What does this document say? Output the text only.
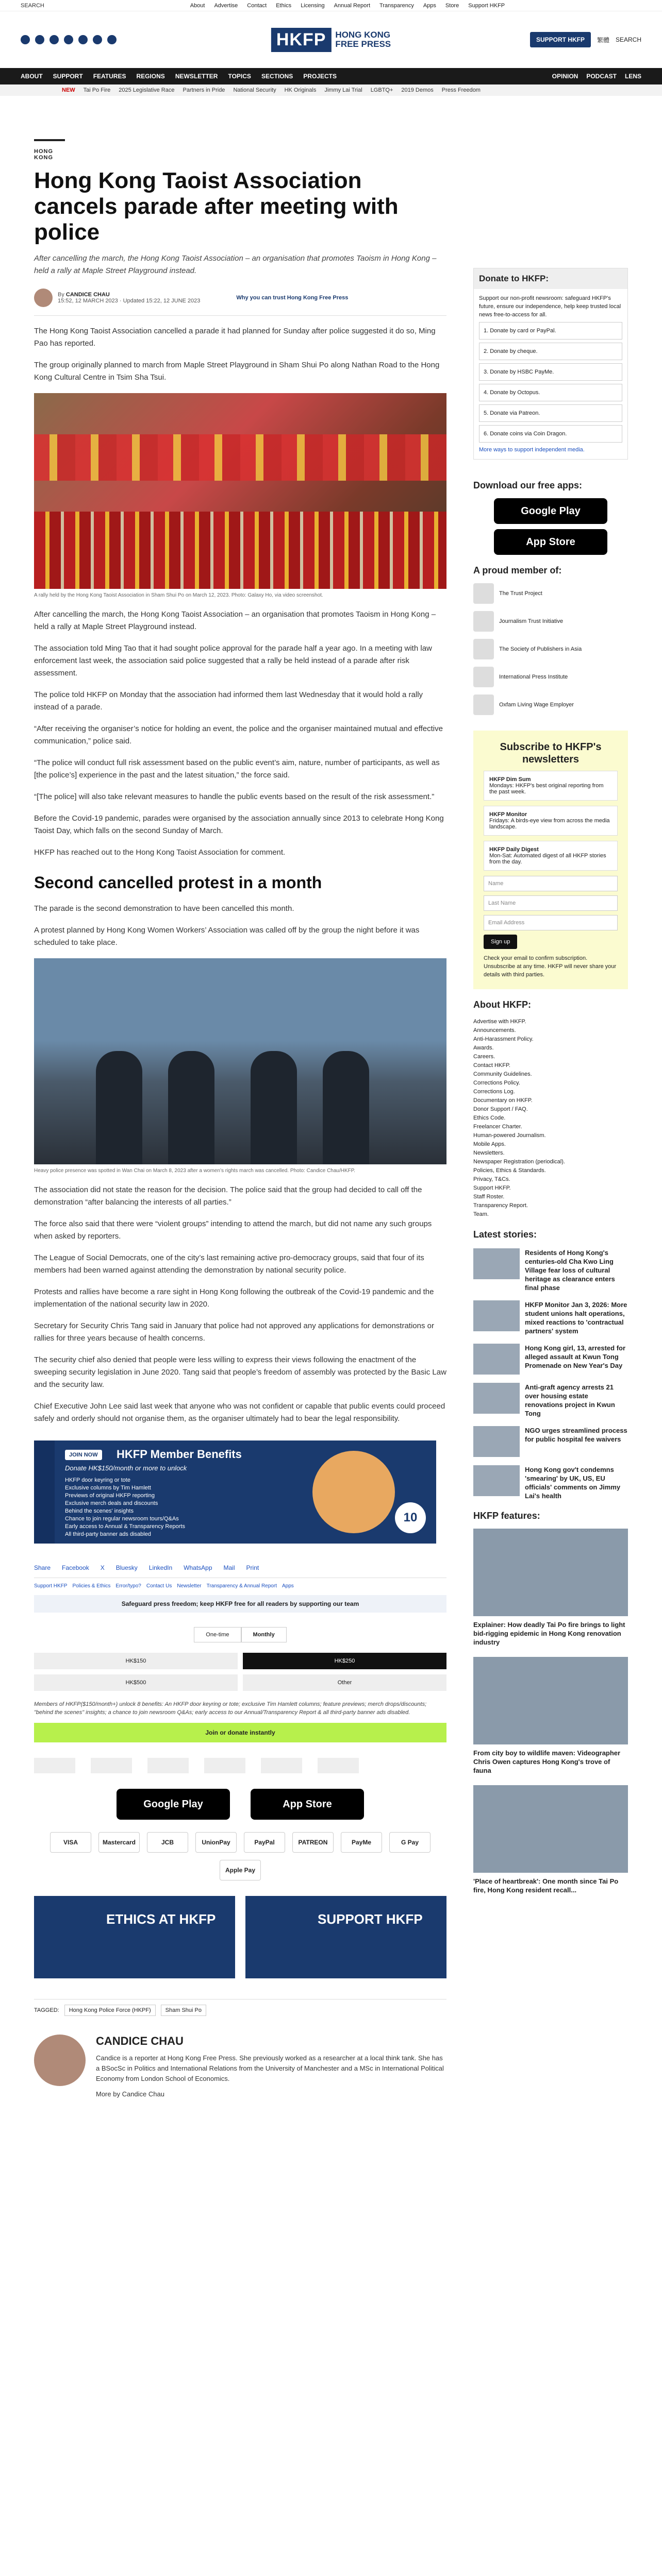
SEARCH	About Advertise Contact Ethics Licensing Annual Report Transparency Apps Store Support HKFP
HKFP	HONG KONG
FREE PRESS	SUPPORT HKFP	繁體 SEARCH
ABOUT SUPPORT FEATURES REGIONS NEWSLETTER TOPICS SECTIONS PROJECTS	OPINION PODCAST LENS
NEW Tai Po Fire 2025 Legislative Race Partners in Pride National Security HK Originals Jimmy Lai Trial LGBTQ+ 2019 Demos Press Freedom
HONG KONG
Hong Kong Taoist Association cancels parade after meeting with police

After cancelling the march, the Hong Kong Taoist Association – an organisation that promotes Taoism in Hong Kong – held a rally at Maple Street Playground instead.

By CANDICE CHAU
15:52, 12 MARCH 2023 · Updated 15:22, 12 JUNE 2023	Why you can trust Hong Kong Free Press

The Hong Kong Taoist Association cancelled a parade it had planned for Sunday after police suggested it do so, Ming Pao has reported.

The group originally planned to march from Maple Street Playground in Sham Shui Po along Nathan Road to the Hong Kong Cultural Centre in Tsim Sha Tsui.

A rally held by the Hong Kong Taoist Association in Sham Shui Po on March 12, 2023. Photo: Galaxy Ho, via video screenshot.

After cancelling the march, the Hong Kong Taoist Association – an organisation that promotes Taoism in Hong Kong – held a rally at Maple Street Playground instead.

The association told Ming Tao that it had sought police approval for the parade half a year ago. In a meeting with law enforcement last week, the association said police suggested that a rally be held instead of a parade after risk assessment.

The police told HKFP on Monday that the association had informed them last Wednesday that it would hold a rally instead of a parade.

“After receiving the organiser’s notice for holding an event, the police and the organiser maintained mutual and effective communication,” police said.

“The police will conduct full risk assessment based on the public event’s aim, nature, number of participants, as well as [the police’s] experience in the past and the latest situation,” the force said.

“[The police] will also take relevant measures to handle the public events based on the result of the risk assessment.”

Before the Covid-19 pandemic, parades were organised by the association annually since 2013 to celebrate Hong Kong Taoist Day, which falls on the second Sunday of March.

HKFP has reached out to the Hong Kong Taoist Association for comment.

Second cancelled protest in a month

The parade is the second demonstration to have been cancelled this month.

A protest planned by Hong Kong Women Workers’ Association was called off by the group the night before it was scheduled to take place.

Heavy police presence was spotted in Wan Chai on March 8, 2023 after a women’s rights march was cancelled. Photo: Candice Chau/HKFP.

The association did not state the reason for the decision. The police said that the group had decided to call off the demonstration “after balancing the interests of all parties.”

The force also said that there were “violent groups” intending to attend the march, but did not name any such groups when asked by reporters.

The League of Social Democrats, one of the city’s last remaining active pro-democracy groups, said that four of its members had been warned against attending the demonstration by national security police.

Protests and rallies have become a rare sight in Hong Kong following the outbreak of the Covid-19 pandemic and the implementation of the national security law in 2020.

Secretary for Security Chris Tang said in January that police had not approved any applications for demonstrations or rallies for three years because of health concerns.

The security chief also denied that people were less willing to express their views following the enactment of the sweeping security legislation in June 2020. Tang said that people’s freedom of assembly was protected by the Basic Law and the security law.

Chief Executive John Lee said last week that anyone who was not confident or capable that public events could proceed safely and orderly should not organise them, as the organiser ultimately had to bear the legal responsibility.

JOIN NOW	HKFP Member Benefits
Donate HK$150/month or more to unlock
HKFP door keyring or tote
Exclusive columns by Tim Hamlett
Previews of original HKFP reporting
Exclusive merch deals and discounts
Behind the scenes' insights
Chance to join regular newsroom tours/Q&As
Early access to Annual & Transparency Reports
All third-party banner ads disabled
10
Share Facebook X Bluesky LinkedIn WhatsApp Mail Print
Support HKFP Policies & Ethics Error/typo? Contact Us Newsletter Transparency & Annual Report Apps
Safeguard press freedom; keep HKFP free for all readers by supporting our team
One-time	Monthly
HK$150	HK$250
HK$500	Other

Members of HKFP($150/month+) unlock 8 benefits: An HKFP door keyring or tote; exclusive Tim Hamlett columns; feature previews; merch drops/discounts; "behind the scenes" insights; a chance to join newsroom Q&As; early access to our Annual/Transparency Report & all third-party banner ads disabled.

Join or donate instantly
Google Play	App Store
VISA	Mastercard	JCB	UnionPay	PayPal	PATREON	PayMe	G Pay
Apple Pay
ETHICS AT HKFP	SUPPORT HKFP
TAGGED:	Hong Kong Police Force (HKPF)	Sham Shui Po
CANDICE CHAU

Candice is a reporter at Hong Kong Free Press. She previously worked as a researcher at a local think tank. She has a BSocSc in Politics and International Relations from the University of Manchester and a MSc in International Political Economy from London School of Economics.

More by Candice Chau

Donate to HKFP:

Support our non-profit newsroom: safeguard HKFP's future, ensure our independence, help keep trusted local news free-to-access for all.

1. Donate by card or PayPal.
2. Donate by cheque.
3. Donate by HSBC PayMe.
4. Donate by Octopus.
5. Donate via Patreon.
6. Donate coins via Coin Dragon.
More ways to support independent media.
Download our free apps:
Google Play
App Store
A proud member of:
The Trust Project
Journalism Trust Initiative
The Society of Publishers in Asia
International Press Institute
Oxfam Living Wage Employer
Subscribe to HKFP's newsletters
HKFP Dim Sum
Mondays: HKFP's best original reporting from the past week.
HKFP Monitor
Fridays: A birds-eye view from across the media landscape.
HKFP Daily Digest
Mon-Sat: Automated digest of all HKFP stories from the day.
Name
Last Name
Email Address
Sign up

Check your email to confirm subscription. Unsubscribe at any time. HKFP will never share your details with third parties.

About HKFP:
Advertise with HKFP.
Announcements.
Anti-Harassment Policy.
Awards.
Careers.
Contact HKFP.
Community Guidelines.
Corrections Policy.
Corrections Log.
Documentary on HKFP.
Donor Support / FAQ.
Ethics Code.
Freelancer Charter.
Human-powered Journalism.
Mobile Apps.
Newsletters.
Newspaper Registration (periodical).
Policies, Ethics & Standards.
Privacy, T&Cs.
Support HKFP.
Staff Roster.
Transparency Report.
Team.
Latest stories:
Residents of Hong Kong's centuries-old Cha Kwo Ling Village fear loss of cultural heritage as clearance enters final phase
HKFP Monitor Jan 3, 2026: More student unions halt operations, mixed reactions to 'contractual partners' system
Hong Kong girl, 13, arrested for alleged assault at Kwun Tong Promenade on New Year's Day
Anti-graft agency arrests 21 over housing estate renovations project in Kwun Tong
NGO urges streamlined process for public hospital fee waivers
Hong Kong gov't condemns 'smearing' by UK, US, EU officials' comments on Jimmy Lai's health
HKFP features:
Explainer: How deadly Tai Po fire brings to light bid-rigging epidemic in Hong Kong renovation industry
From city boy to wildlife maven: Videographer Chris Owen captures Hong Kong's trove of fauna
'Place of heartbreak': One month since Tai Po fire, Hong Kong resident recall...
